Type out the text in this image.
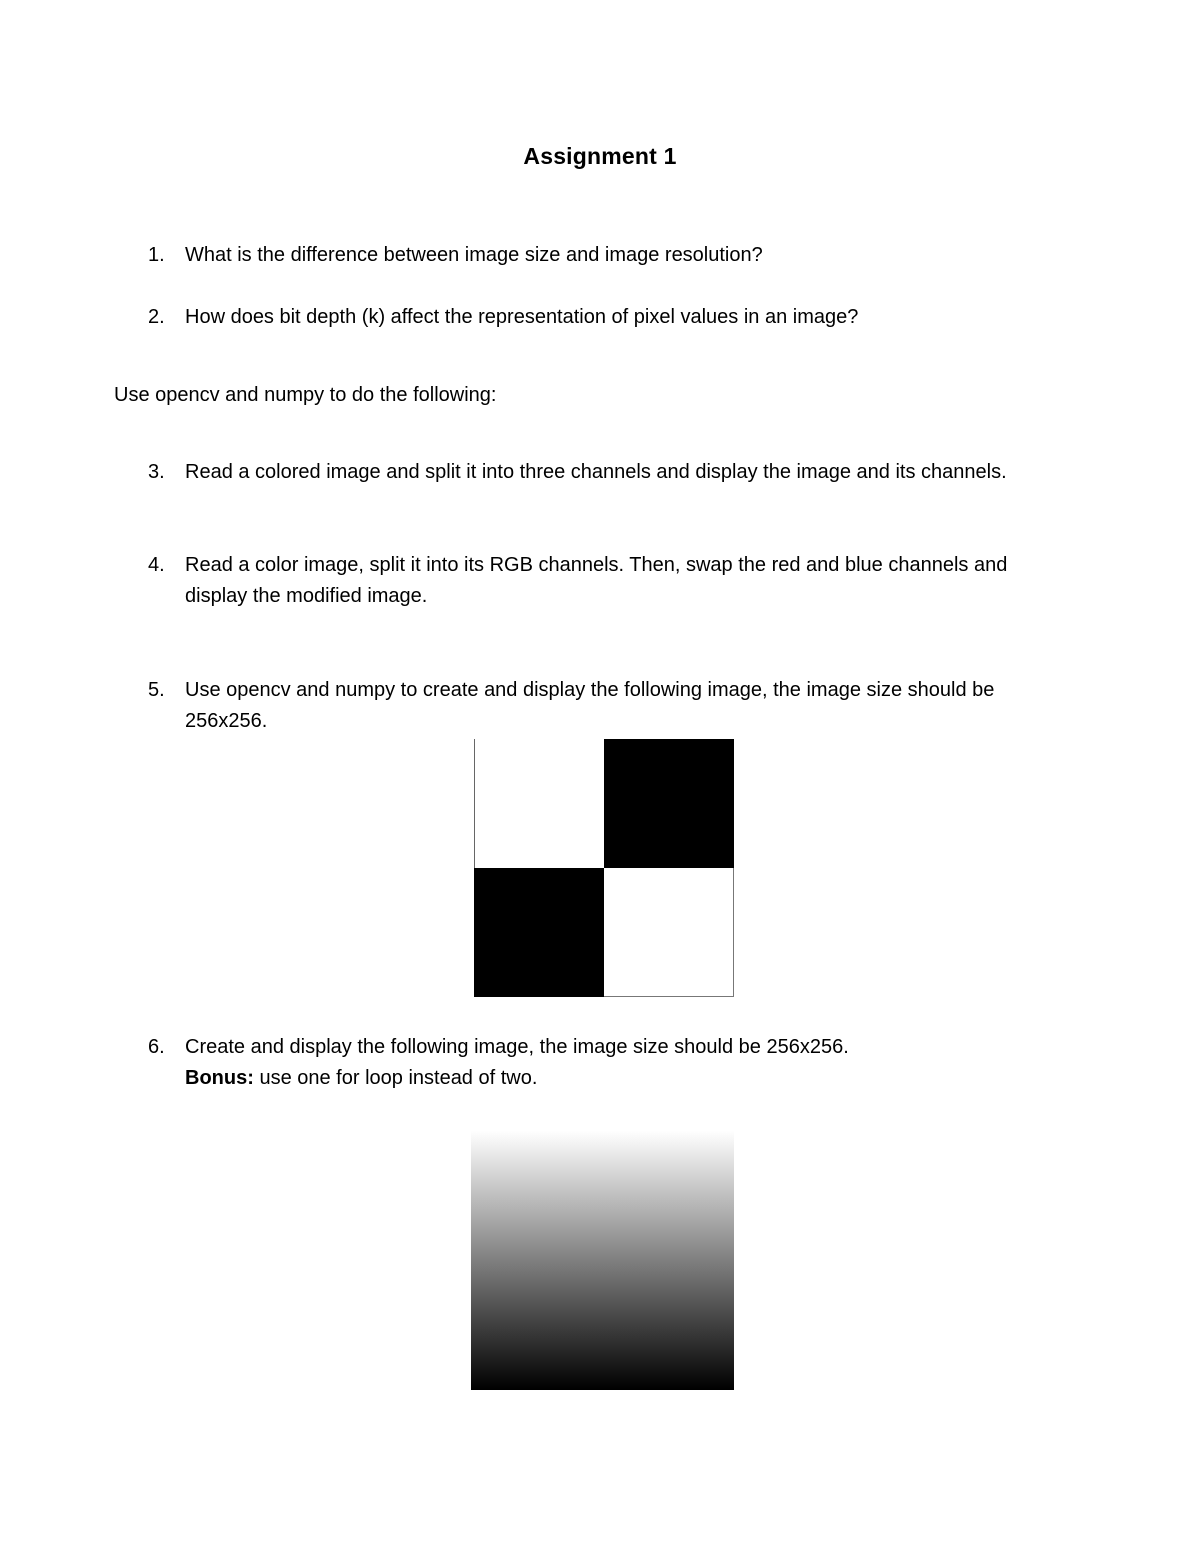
Assignment 1
1. What is the difference between image size and image resolution?
2. How does bit depth (k) affect the representation of pixel values in an image?
Use opencv and numpy to do the following:
3. Read a colored image and split it into three channels and display the image and its channels.
4. Read a color image, split it into its RGB channels. Then, swap the red and blue channels and display the modified image.
5. Use opencv and numpy to create and display the following image, the image size should be 256x256.
6. Create and display the following image, the image size should be 256x256.
Bonus: use one for loop instead of two.
